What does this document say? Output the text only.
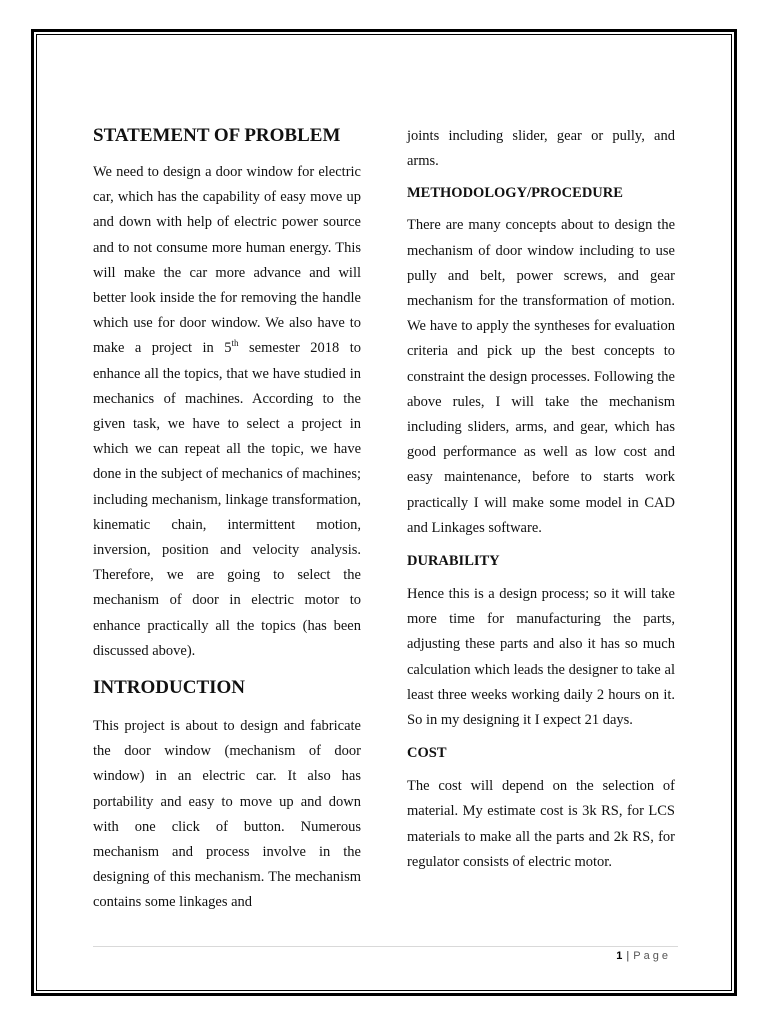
STATEMENT OF PROBLEM

We need to design a door window for electric car, which has the capability of easy move up and down with help of electric power source and to not consume more human energy. This will make the car more advance and will better look inside the for removing the handle which use for door window. We also have to make a project in 5th semester 2018 to enhance all the topics, that we have studied in mechanics of machines. According to the given task, we have to select a project in which we can repeat all the topic, we have done in the subject of mechanics of machines; including mechanism, linkage transformation, kinematic chain, intermittent motion, inversion, position and velocity analysis. Therefore, we are going to select the mechanism of door in electric motor to enhance practically all the topics (has been discussed above).

INTRODUCTION

This project is about to design and fabricate the door window (mechanism of door window) in an electric car. It also has portability and easy to move up and down with one click of button. Numerous mechanism and process involve in the designing of this mechanism. The mechanism contains some linkages and

joints including slider, gear or pully, and arms.

METHODOLOGY/PROCEDURE

There are many concepts about to design the mechanism of door window including to use pully and belt, power screws, and gear mechanism for the transformation of motion. We have to apply the syntheses for evaluation criteria and pick up the best concepts to constraint the design processes. Following the above rules, I will take the mechanism including sliders, arms, and gear, which has good performance as well as low cost and easy maintenance, before to starts work practically I will make some model in CAD and Linkages software.

DURABILITY

Hence this is a design process; so it will take more time for manufacturing the parts, adjusting these parts and also it has so much calculation which leads the designer to take al least three weeks working daily 2 hours on it. So in my designing it I expect 21 days.

COST

The cost will depend on the selection of material. My estimate cost is 3k RS, for LCS materials to make all the parts and 2k RS, for regulator consists of electric motor.

1 | Page
